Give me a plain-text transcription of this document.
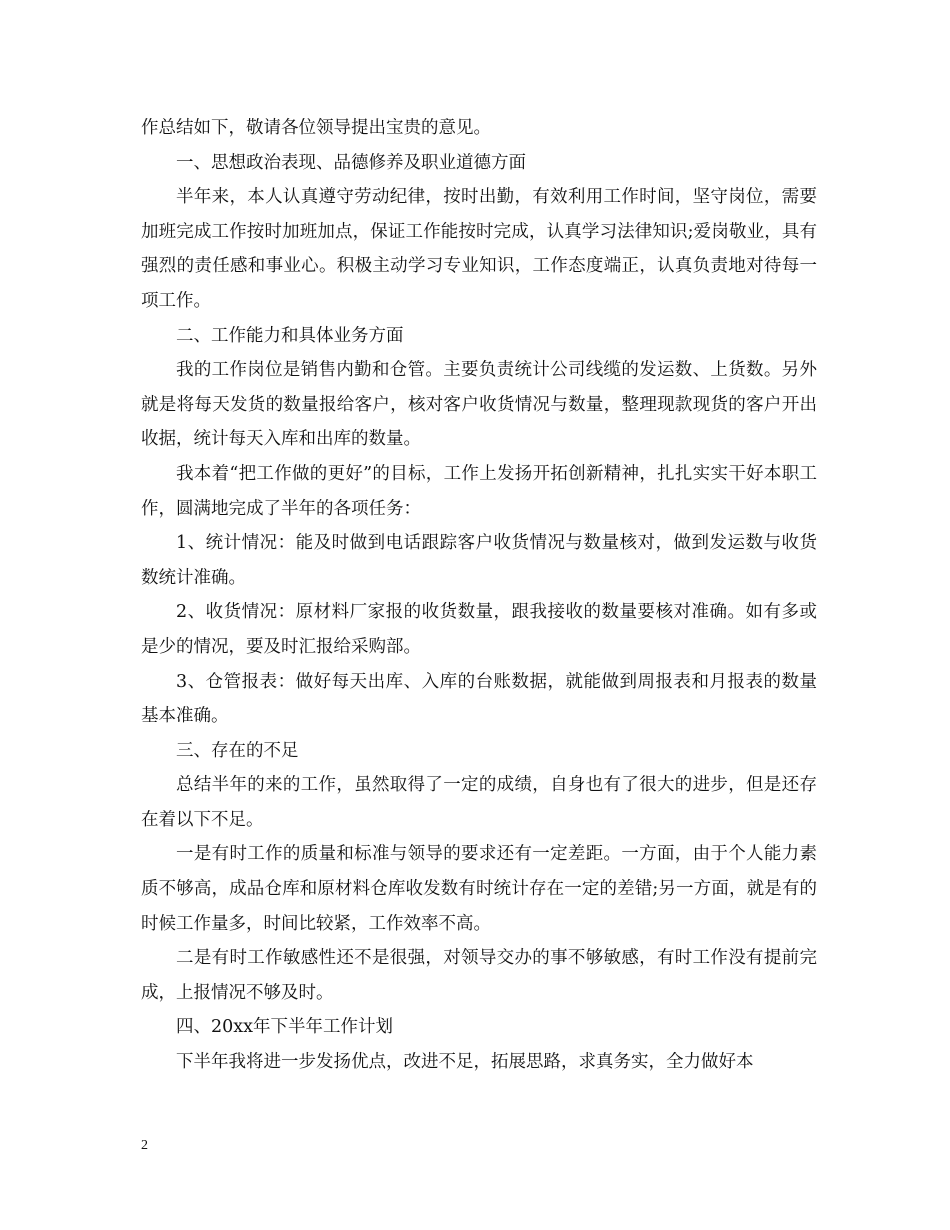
作总结如下，敬请各位领导提出宝贵的意见。

一、思想政治表现、品德修养及职业道德方面

半年来，本人认真遵守劳动纪律，按时出勤，有效利用工作时间，坚守岗位，需要加班完成工作按时加班加点，保证工作能按时完成，认真学习法律知识;爱岗敬业，具有强烈的责任感和事业心。积极主动学习专业知识，工作态度端正，认真负责地对待每一项工作。

二、工作能力和具体业务方面

我的工作岗位是销售内勤和仓管。主要负责统计公司线缆的发运数、上货数。另外就是将每天发货的数量报给客户，核对客户收货情况与数量，整理现款现货的客户开出收据，统计每天入库和出库的数量。

我本着“把工作做的更好”的目标，工作上发扬开拓创新精神，扎扎实实干好本职工作，圆满地完成了半年的各项任务：

1、统计情况：能及时做到电话跟踪客户收货情况与数量核对，做到发运数与收货数统计准确。

2、收货情况：原材料厂家报的收货数量，跟我接收的数量要核对准确。如有多或是少的情况，要及时汇报给采购部。

3、仓管报表：做好每天出库、入库的台账数据，就能做到周报表和月报表的数量基本准确。

三、存在的不足

总结半年的来的工作，虽然取得了一定的成绩，自身也有了很大的进步，但是还存在着以下不足。

一是有时工作的质量和标准与领导的要求还有一定差距。一方面，由于个人能力素质不够高，成品仓库和原材料仓库收发数有时统计存在一定的差错;另一方面，就是有的时候工作量多，时间比较紧，工作效率不高。

二是有时工作敏感性还不是很强，对领导交办的事不够敏感，有时工作没有提前完成，上报情况不够及时。

四、20xx年下半年工作计划

下半年我将进一步发扬优点，改进不足，拓展思路，求真务实，全力做好本

2
